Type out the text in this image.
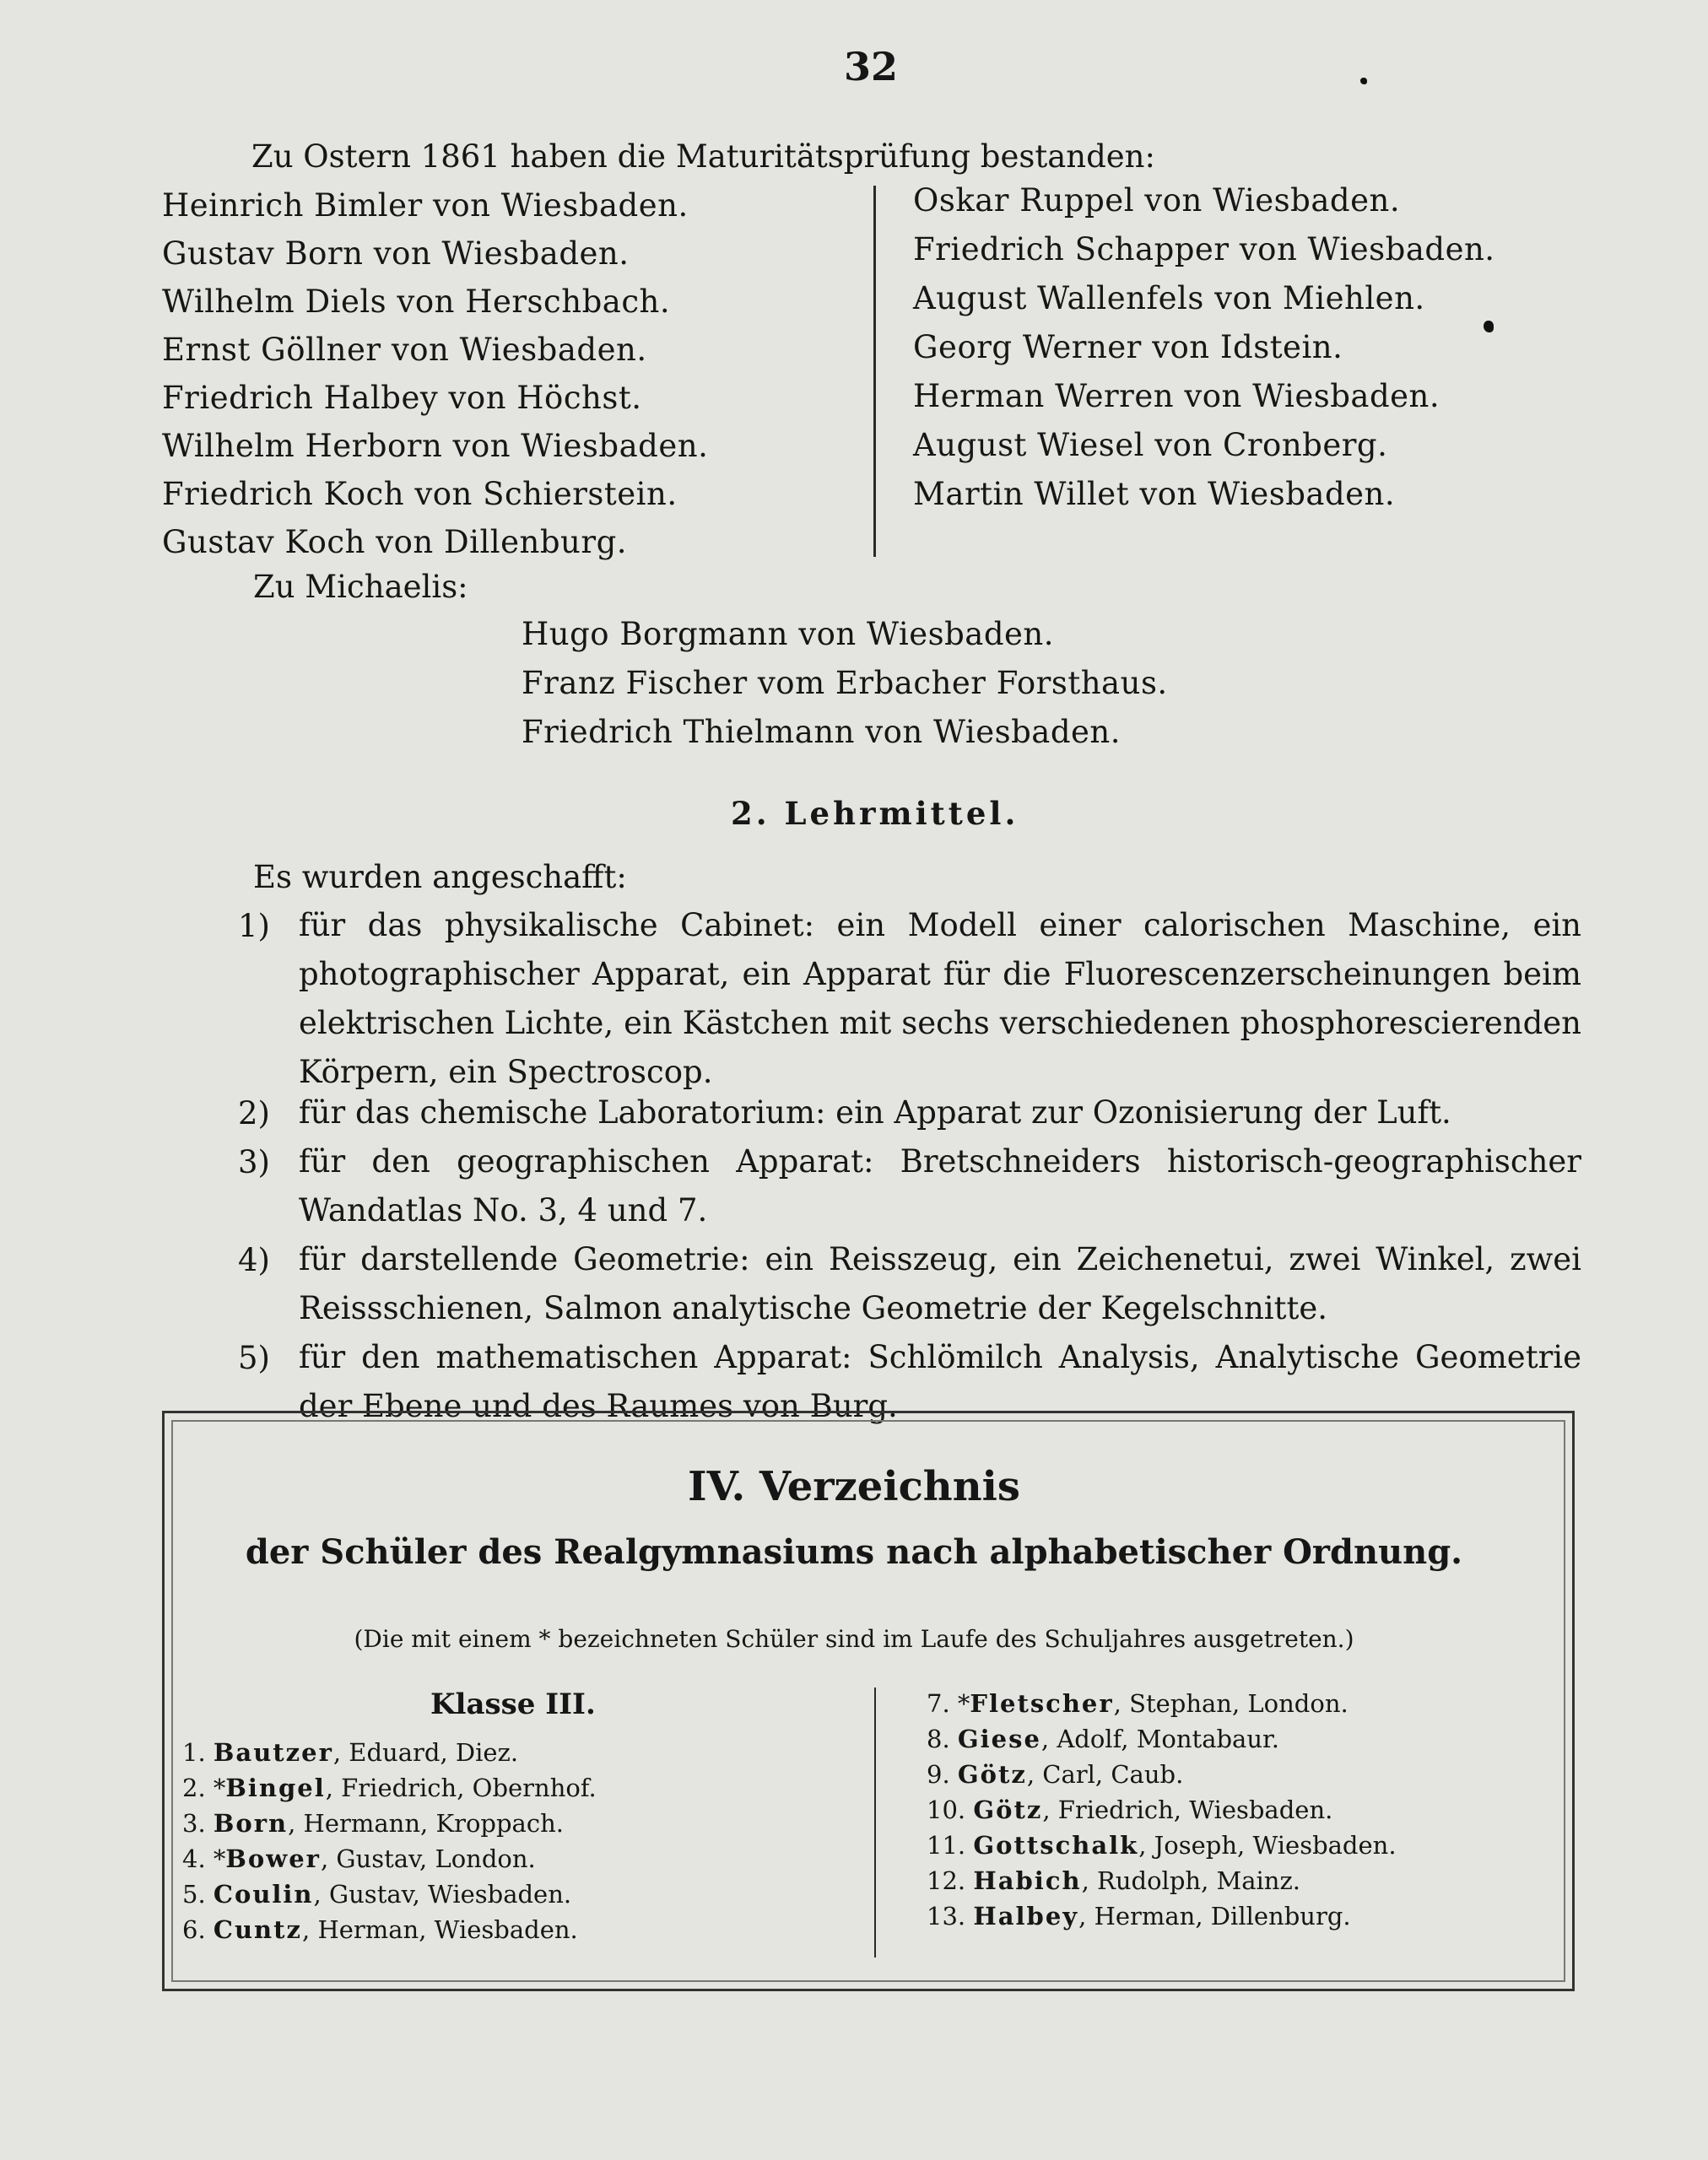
32
Zu Ostern 1861 haben die Maturitätsprüfung bestanden:
Heinrich Bimler von Wiesbaden.
Gustav Born von Wiesbaden.
Wilhelm Diels von Herschbach.
Ernst Göllner von Wiesbaden.
Friedrich Halbey von Höchst.
Wilhelm Herborn von Wiesbaden.
Friedrich Koch von Schierstein.
Gustav Koch von Dillenburg.
Oskar Ruppel von Wiesbaden.
Friedrich Schapper von Wiesbaden.
August Wallenfels von Miehlen.
Georg Werner von Idstein.
Herman Werren von Wiesbaden.
August Wiesel von Cronberg.
Martin Willet von Wiesbaden.
Zu Michaelis:
Hugo Borgmann von Wiesbaden.
Franz Fischer vom Erbacher Forsthaus.
Friedrich Thielmann von Wiesbaden.
2. Lehrmittel.
Es wurden angeschafft:
1) für das physikalische Cabinet: ein Modell einer calorischen Maschine, ein photographischer Apparat, ein Apparat für die Fluorescenzerscheinungen beim elektrischen Lichte, ein Kästchen mit sechs verschiedenen phosphorescierenden Körpern, ein Spectroscop.
2) für das chemische Laboratorium: ein Apparat zur Ozonisierung der Luft.
3) für den geographischen Apparat: Bretschneiders historisch-geographischer Wandatlas No. 3, 4 und 7.
4) für darstellende Geometrie: ein Reisszeug, ein Zeichenetui, zwei Winkel, zwei Reissschienen, Salmon analytische Geometrie der Kegelschnitte.
5) für den mathematischen Apparat: Schlömilch Analysis, Analytische Geometrie der Ebene und des Raumes von Burg.
IV. Verzeichnis
der Schüler des Realgymnasiums nach alphabetischer Ordnung.
(Die mit einem * bezeichneten Schüler sind im Laufe des Schuljahres ausgetreten.)
Klasse III.
1. Bautzer, Eduard, Diez.
2. *Bingel, Friedrich, Obernhof.
3. Born, Hermann, Kroppach.
4. *Bower, Gustav, London.
5. Coulin, Gustav, Wiesbaden.
6. Cuntz, Herman, Wiesbaden.
7. *Fletscher, Stephan, London.
8. Giese, Adolf, Montabaur.
9. Götz, Carl, Caub.
10. Götz, Friedrich, Wiesbaden.
11. Gottschalk, Joseph, Wiesbaden.
12. Habich, Rudolph, Mainz.
13. Halbey, Herman, Dillenburg.
